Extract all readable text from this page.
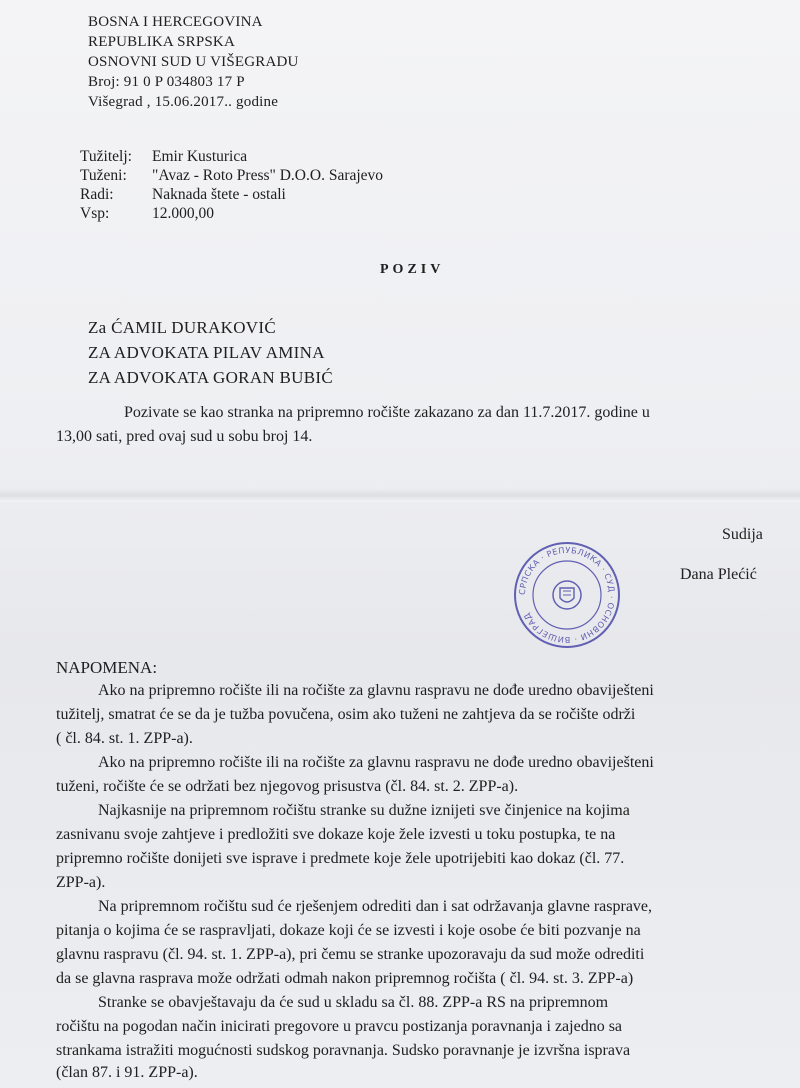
BOSNA I HERCEGOVINA
REPUBLIKA SRPSKA
OSNOVNI SUD U VIŠEGRADU
Broj: 91 0 P 034803 17 P
Višegrad , 15.06.2017.. godine
Tužitelj:	Emir Kusturica
Tuženi:	"Avaz - Roto Press" D.O.O. Sarajevo
Radi:	Naknada štete - ostali
Vsp:	12.000,00
POZIV
Za ĆAMIL DURAKOVIĆ
ZA ADVOKATA PILAV AMINA
ZA ADVOKATA GORAN BUBIĆ
Pozivate se kao stranka na pripremno ročište zakazano za dan 11.7.2017. godine u
13,00 sati, pred ovaj sud u sobu broj 14.
Sudija
Dana Plećić
СРПСКА · РЕПУБЛИКА · СУД · ОСНОВНИ · ВИШЕГРАД
NAPOMENA:
Ako na pripremno ročište ili na ročište za glavnu raspravu ne dođe uredno obaviješteni
tužitelj, smatrat će se da je tužba povučena, osim ako tuženi ne zahtjeva da se ročište održi
( čl. 84. st. 1. ZPP-a).
Ako na pripremno ročište ili na ročište za glavnu raspravu ne dođe uredno obaviješteni
tuženi, ročište će se održati bez njegovog prisustva (čl. 84. st. 2. ZPP-a).
Najkasnije na pripremnom ročištu stranke su dužne iznijeti sve činjenice na kojima
zasnivanu svoje zahtjeve i predložiti sve dokaze koje žele izvesti u toku postupka, te na
pripremno ročište donijeti sve isprave i predmete koje žele upotrijebiti kao dokaz (čl. 77.
ZPP-a).
Na pripremnom ročištu sud će rješenjem odrediti dan i sat održavanja glavne rasprave,
pitanja o kojima će se raspravljati, dokaze koji će se izvesti i koje osobe će biti pozvanje na
glavnu raspravu (čl. 94. st. 1. ZPP-a), pri čemu se stranke upozoravaju da sud može odrediti
da se glavna rasprava može održati odmah nakon pripremnog ročišta ( čl. 94. st. 3. ZPP-a)
Stranke se obavještavaju da će sud u skladu sa čl. 88. ZPP-a RS na pripremnom
ročištu na pogodan način inicirati pregovore u pravcu postizanja poravnanja i zajedno sa
strankama istražiti mogućnosti sudskog poravnanja. Sudsko poravnanje je izvršna isprava
(član 87. i 91. ZPP-a).
